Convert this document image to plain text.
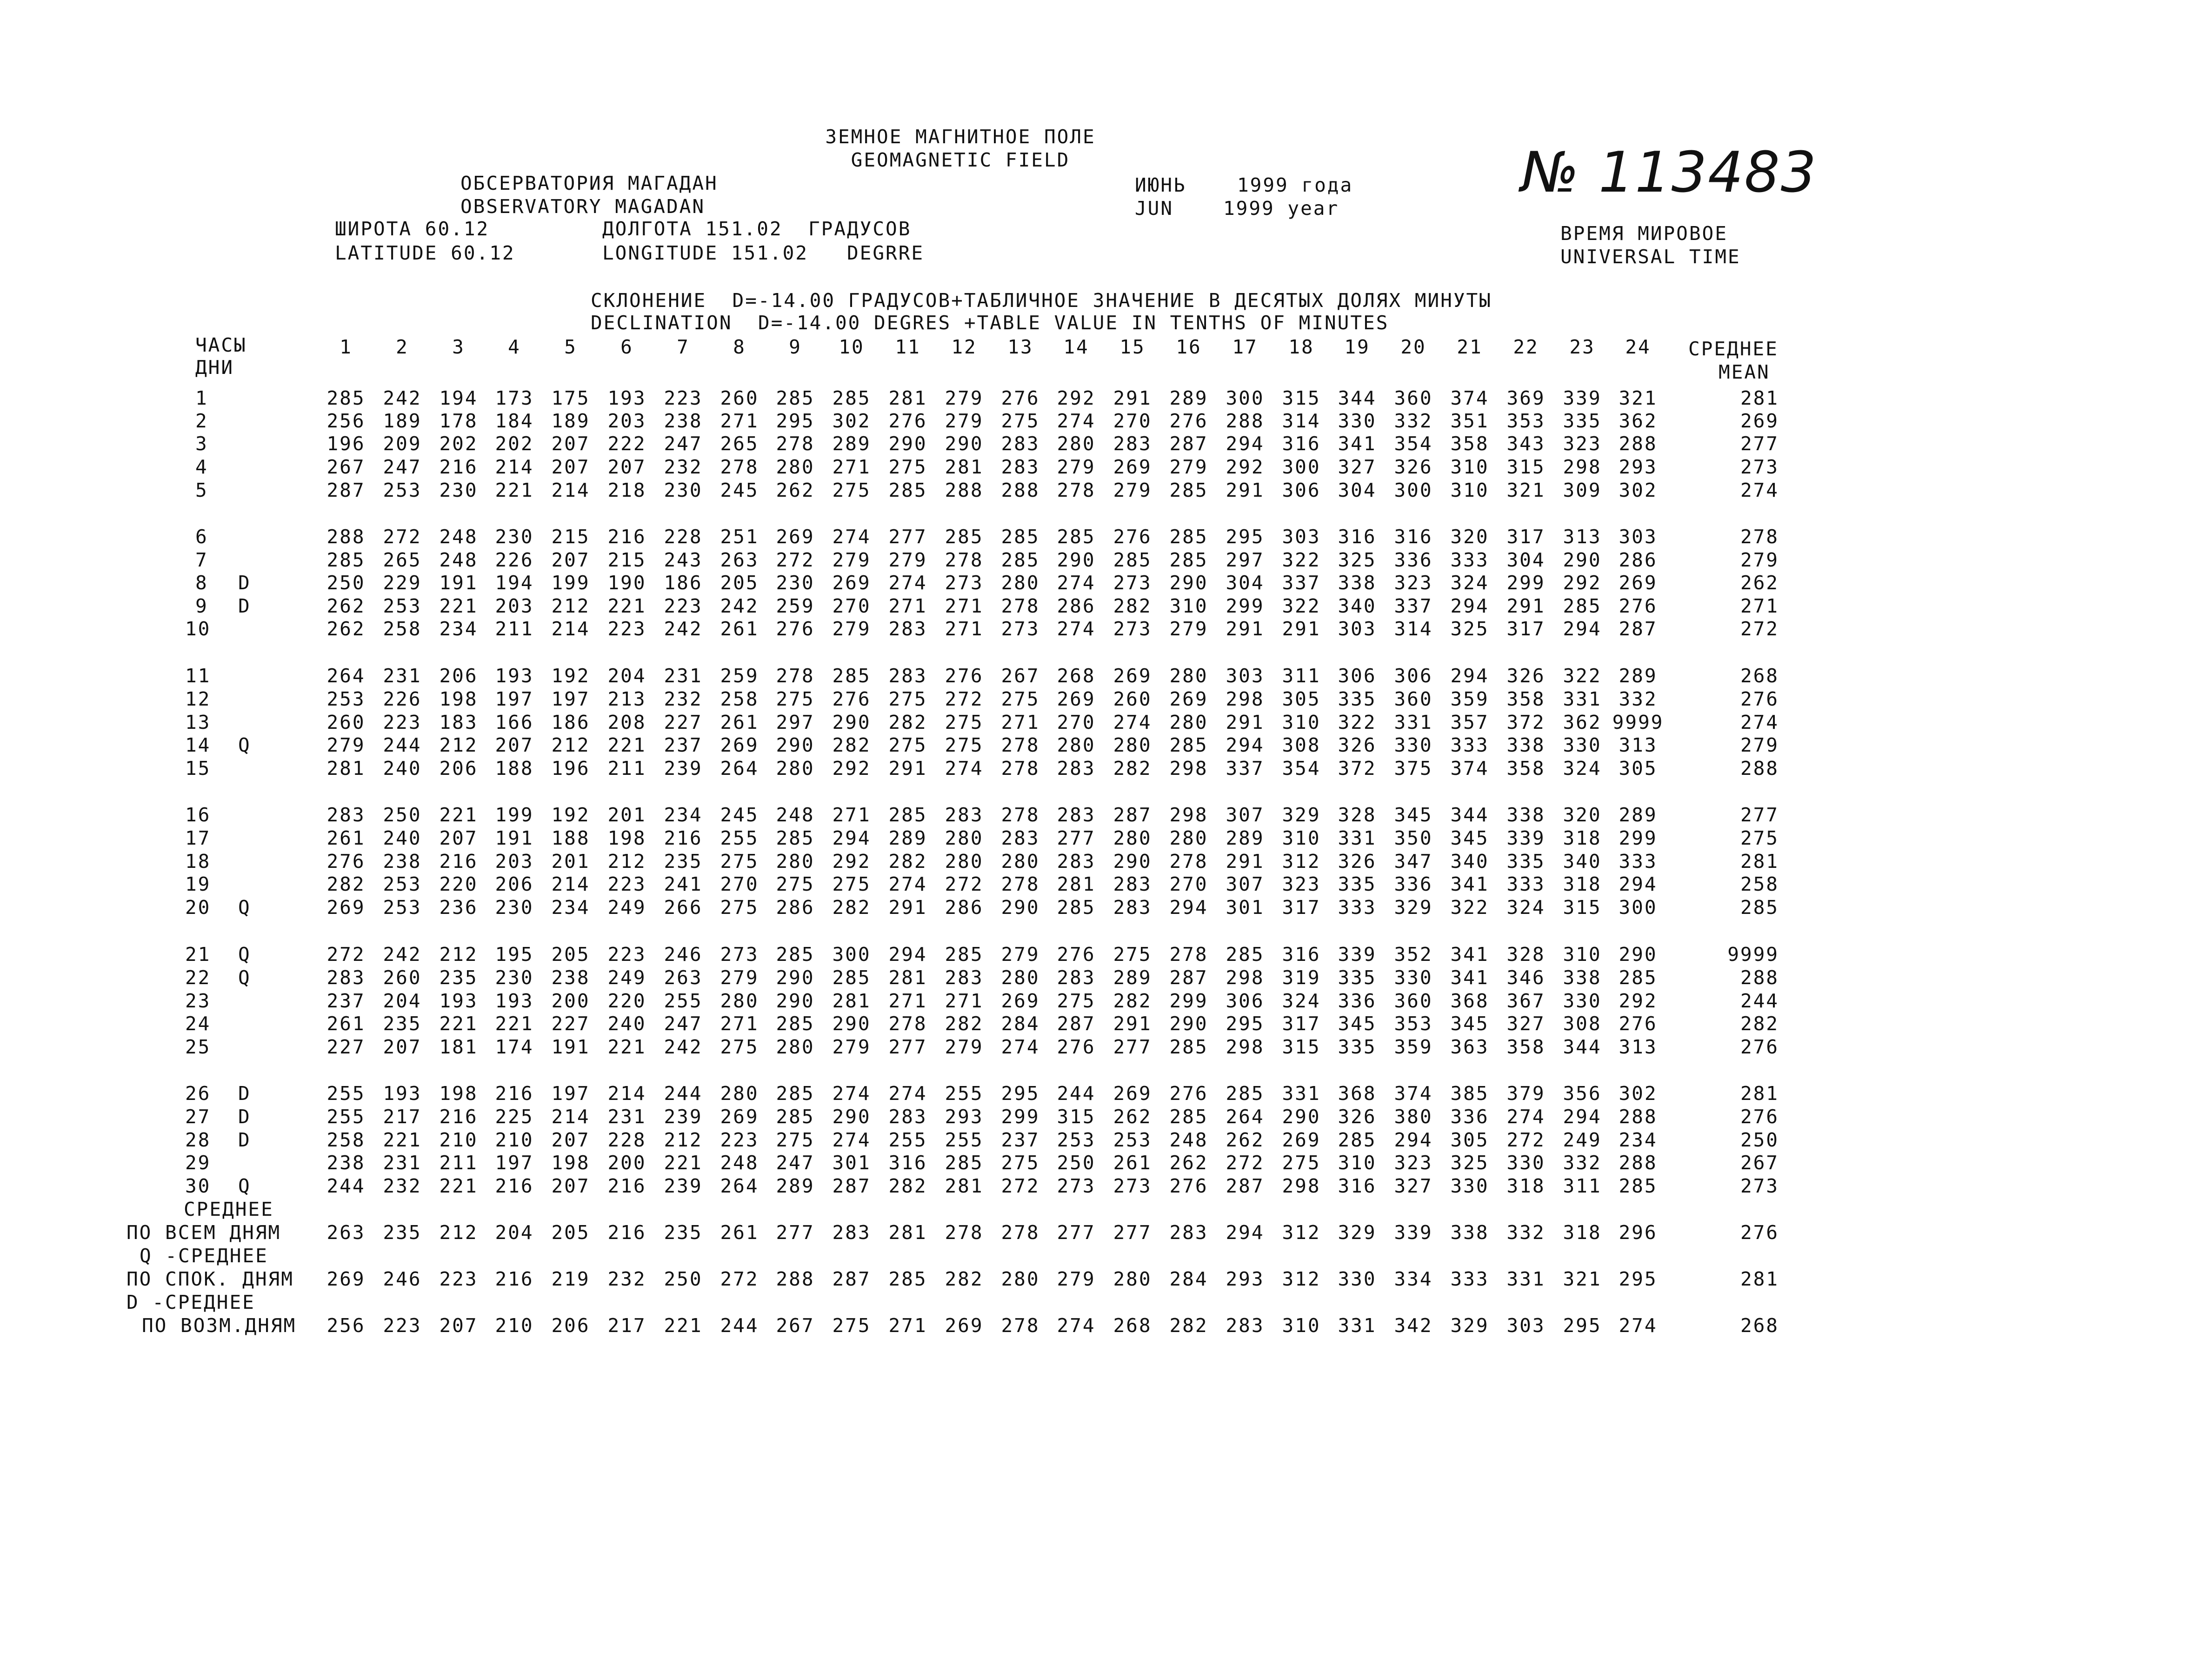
ЗЕМНОЕ МАГНИТНОЕ ПОЛЕ
GEOMAGNETIC FIELD
ОБСЕРВАТОРИЯ МАГАДАН
OBSERVATORY MAGADAN
ИЮНЬ	1999 года
JUN	1999 year
№ 113483
ШИРОТА 60.12
LATITUDE 60.12
ДОЛГОТА 151.02  ГРАДУСОВ
LONGITUDE 151.02   DEGRRE
ВРЕМЯ МИРОВОЕ
UNIVERSAL TIME
СКЛОНЕНИЕ  D=-14.00 ГРАДУСОВ+ТАБЛИЧНОЕ ЗНАЧЕНИЕ В ДЕСЯТЫХ ДОЛЯХ МИНУТЫ
DECLINATION  D=-14.00 DEGRES +TABLE VALUE IN TENTHS OF MINUTES
ЧАСЫ
ДНИ
1	2	3	4	5	6	7	8	9	10	11	12	13	14	15	16	17	18	19	20	21	22	23	24	СРЕДНЕЕ
MEAN
1	285 242 194 173 175 193 223 260 285 285 281 279 276 292 291 289 300 315 344 360 374 369 339 321	281
2	256 189 178 184 189 203 238 271 295 302 276 279 275 274 270 276 288 314 330 332 351 353 335 362	269
3	196 209 202 202 207 222 247 265 278 289 290 290 283 280 283 287 294 316 341 354 358 343 323 288	277
4	267 247 216 214 207 207 232 278 280 271 275 281 283 279 269 279 292 300 327 326 310 315 298 293	273
5	287 253 230 221 214 218 230 245 262 275 285 288 288 278 279 285 291 306 304 300 310 321 309 302	274
6	288 272 248 230 215 216 228 251 269 274 277 285 285 285 276 285 295 303 316 316 320 317 313 303	278
7	285 265 248 226 207 215 243 263 272 279 279 278 285 290 285 285 297 322 325 336 333 304 290 286	279
8 D	250 229 191 194 199 190 186 205 230 269 274 273 280 274 273 290 304 337 338 323 324 299 292 269	262
9 D	262 253 221 203 212 221 223 242 259 270 271 271 278 286 282 310 299 322 340 337 294 291 285 276	271
10	262 258 234 211 214 223 242 261 276 279 283 271 273 274 273 279 291 291 303 314 325 317 294 287	272
11	264 231 206 193 192 204 231 259 278 285 283 276 267 268 269 280 303 311 306 306 294 326 322 289	268
12	253 226 198 197 197 213 232 258 275 276 275 272 275 269 260 269 298 305 335 360 359 358 331 332	276
13	260 223 183 166 186 208 227 261 297 290 282 275 271 270 274 280 291 310 322 331 357 372 362 9999	274
14 Q	279 244 212 207 212 221 237 269 290 282 275 275 278 280 280 285 294 308 326 330 333 338 330 313	279
15	281 240 206 188 196 211 239 264 280 292 291 274 278 283 282 298 337 354 372 375 374 358 324 305	288
16	283 250 221 199 192 201 234 245 248 271 285 283 278 283 287 298 307 329 328 345 344 338 320 289	277
17	261 240 207 191 188 198 216 255 285 294 289 280 283 277 280 280 289 310 331 350 345 339 318 299	275
18	276 238 216 203 201 212 235 275 280 292 282 280 280 283 290 278 291 312 326 347 340 335 340 333	281
19	282 253 220 206 214 223 241 270 275 275 274 272 278 281 283 270 307 323 335 336 341 333 318 294	258
20 Q	269 253 236 230 234 249 266 275 286 282 291 286 290 285 283 294 301 317 333 329 322 324 315 300	285
21 Q	272 242 212 195 205 223 246 273 285 300 294 285 279 276 275 278 285 316 339 352 341 328 310 290	9999
22 Q	283 260 235 230 238 249 263 279 290 285 281 283 280 283 289 287 298 319 335 330 341 346 338 285	288
23	237 204 193 193 200 220 255 280 290 281 271 271 269 275 282 299 306 324 336 360 368 367 330 292	244
24	261 235 221 221 227 240 247 271 285 290 278 282 284 287 291 290 295 317 345 353 345 327 308 276	282
25	227 207 181 174 191 221 242 275 280 279 277 279 274 276 277 285 298 315 335 359 363 358 344 313	276
26 D	255 193 198 216 197 214 244 280 285 274 274 255 295 244 269 276 285 331 368 374 385 379 356 302	281
27 D	255 217 216 225 214 231 239 269 285 290 283 293 299 315 262 285 264 290 326 380 336 274 294 288	276
28 D	258 221 210 210 207 228 212 223 275 274 255 255 237 253 253 248 262 269 285 294 305 272 249 234	250
29	238 231 211 197 198 200 221 248 247 301 316 285 275 250 261 262 272 275 310 323 325 330 332 288	267
30 Q	244 232 221 216 207 216 239 264 289 287 282 281 272 273 273 276 287 298 316 327 330 318 311 285	273
СРЕДНЕЕ
ПО ВСЕМ ДНЯМ	263 235 212 204 205 216 235 261 277 283 281 278 278 277 277 283 294 312 329 339 338 332 318 296	276
Q -СРЕДНЕЕ
ПО СПОК. ДНЯМ	269 246 223 216 219 232 250 272 288 287 285 282 280 279 280 284 293 312 330 334 333 331 321 295	281
D -СРЕДНЕЕ
ПО ВОЗМ.ДНЯМ	256 223 207 210 206 217 221 244 267 275 271 269 278 274 268 282 283 310 331 342 329 303 295 274	268
